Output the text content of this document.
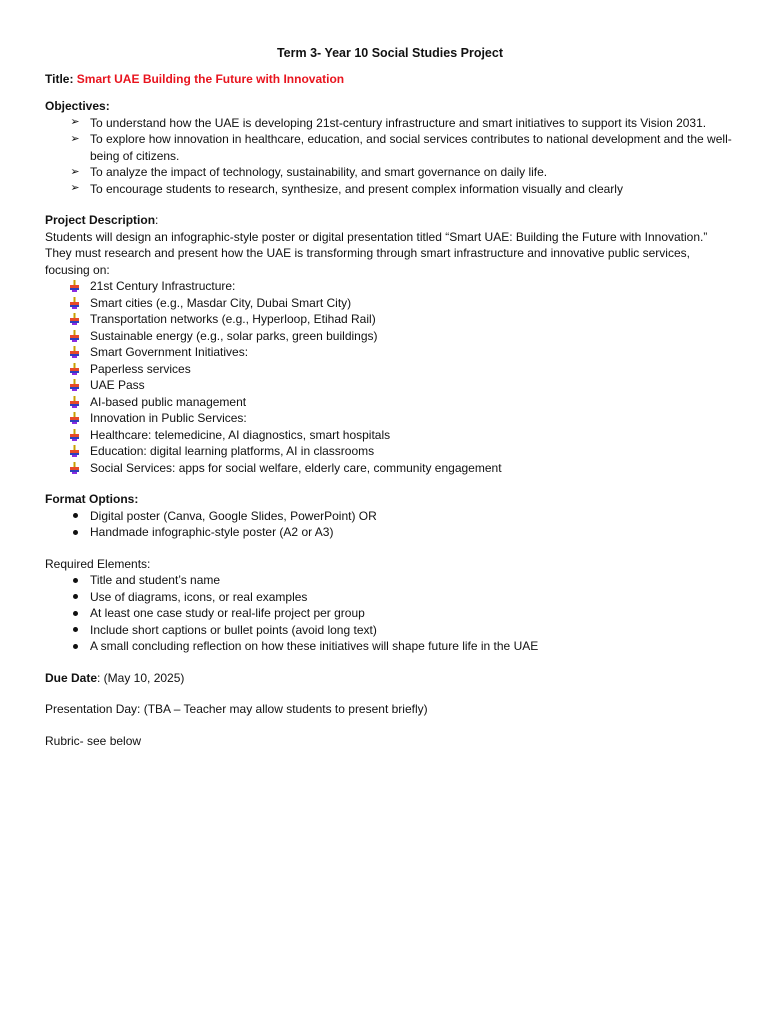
Term 3- Year 10 Social Studies Project
Title: Smart UAE Building the Future with Innovation
Objectives:
➢ To understand how the UAE is developing 21st-century infrastructure and smart initiatives to support its Vision 2031.
➢ To explore how innovation in healthcare, education, and social services contributes to national development and the well-being of citizens.
➢ To analyze the impact of technology, sustainability, and smart governance on daily life.
➢ To encourage students to research, synthesize, and present complex information visually and clearly
Project Description:
Students will design an infographic-style poster or digital presentation titled “Smart UAE: Building the Future with Innovation.”
They must research and present how the UAE is transforming through smart infrastructure and innovative public services,
focusing on:
21st Century Infrastructure:
Smart cities (e.g., Masdar City, Dubai Smart City)
Transportation networks (e.g., Hyperloop, Etihad Rail)
Sustainable energy (e.g., solar parks, green buildings)
Smart Government Initiatives:
Paperless services
UAE Pass
AI-based public management
Innovation in Public Services:
Healthcare: telemedicine, AI diagnostics, smart hospitals
Education: digital learning platforms, AI in classrooms
Social Services: apps for social welfare, elderly care, community engagement
Format Options:
Digital poster (Canva, Google Slides, PowerPoint) OR
Handmade infographic-style poster (A2 or A3)
Required Elements:
Title and student’s name
Use of diagrams, icons, or real examples
At least one case study or real-life project per group
Include short captions or bullet points (avoid long text)
A small concluding reflection on how these initiatives will shape future life in the UAE
Due Date: (May 10, 2025)
Presentation Day: (TBA – Teacher may allow students to present briefly)
Rubric- see below
